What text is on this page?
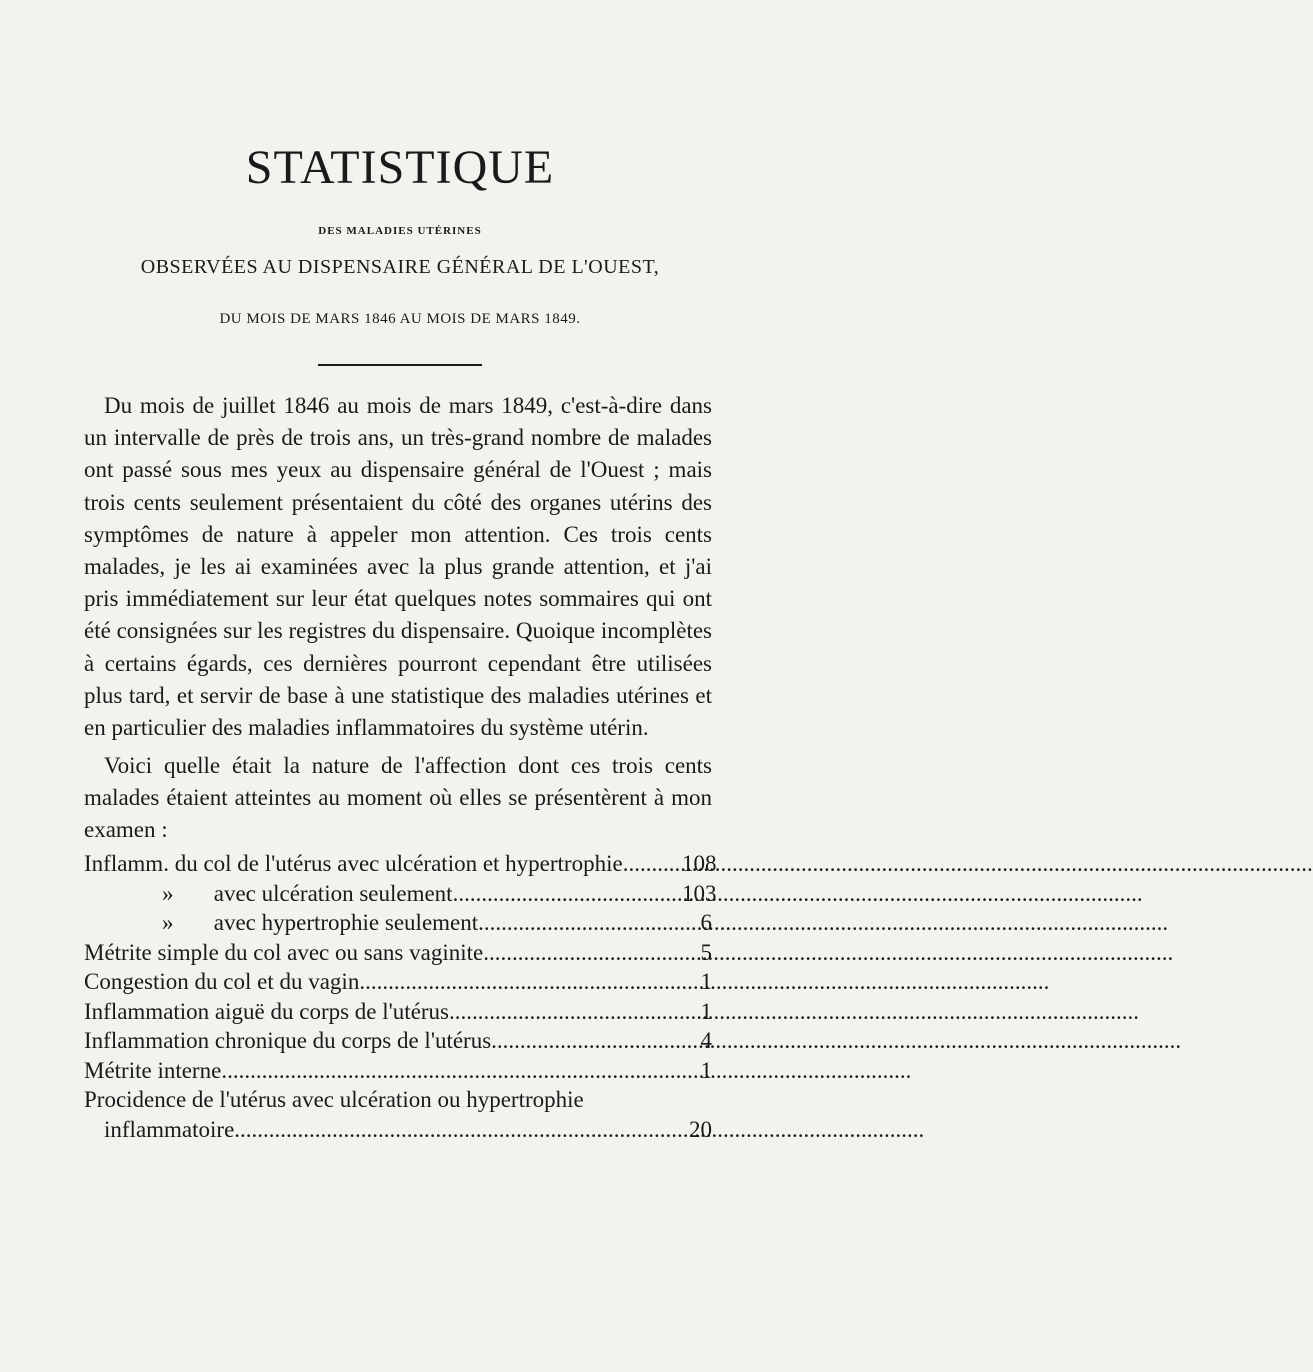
STATISTIQUE
DES MALADIES UTÉRINES
OBSERVÉES AU DISPENSAIRE GÉNÉRAL DE L'OUEST,
DU MOIS DE MARS 1846 AU MOIS DE MARS 1849.

Du mois de juillet 1846 au mois de mars 1849, c'est-à-dire dans un intervalle de près de trois ans, un très-grand nombre de malades ont passé sous mes yeux au dispensaire général de l'Ouest ; mais trois cents seulement présentaient du côté des organes utérins des symptômes de nature à appeler mon attention. Ces trois cents malades, je les ai examinées avec la plus grande attention, et j'ai pris immédiatement sur leur état quelques notes sommaires qui ont été consignées sur les registres du dispensaire. Quoique incomplètes à certains égards, ces dernières pourront cependant être utilisées plus tard, et servir de base à une statistique des maladies utérines et en particulier des maladies inflammatoires du système utérin.

Voici quelle était la nature de l'affection dont ces trois cents malades étaient atteintes au moment où elles se présentèrent à mon examen :

Inflamm. du col de l'utérus avec ulcération et hypertrophie .....	108
»       avec ulcération seulement .....	103
»       avec hypertrophie seulement .....	6
Métrite simple du col avec ou sans vaginite .....	5
Congestion du col et du vagin .....	1
Inflammation aiguë du corps de l'utérus .....	1
Inflammation chronique du corps de l'utérus .....	4
Métrite interne .....	1
Procidence de l'utérus avec ulcération ou hypertrophie
inflammatoire .....	20
